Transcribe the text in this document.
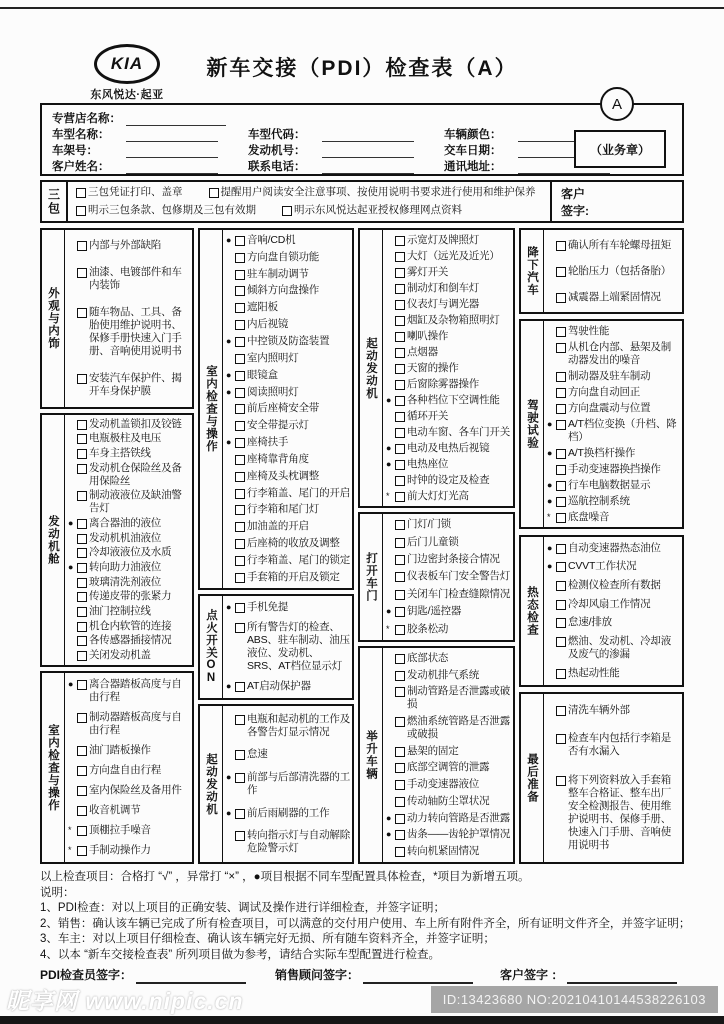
KIA
东风悦达·起亚
新车交接（PDI）检查表（A）
A
专营店名称：
车型名称：	车型代码：	车辆颜色：
车架号：	发动机号：	交车日期：
客户姓名：	联系电话：	通讯地址：
（业务章）
三包	三包凭证打印、盖章	提醒用户阅读安全注意事项、按使用说明书要求进行使用和维护保养
明示三包条款、包修期及三包有效期	明示东风悦达起亚授权修理网点资料
客户
签字:
外观与内饰
内部与外部缺陷
油漆、电镀部件和车内装饰
随车物品、工具、备胎使用维护说明书、保修手册快速入门手册、音响使用说明书
安装汽车保护件、揭开车身保护膜
发动机舱
发动机盖锁扣及铰链
电瓶极柱及电压
车身主搭铁线
发动机仓保险丝及备用保险丝
制动液液位及缺油警告灯
●	离合器油的液位
发动机机油液位
冷却液液位及水质
●	转向助力油液位
玻璃清洗剂液位
传递皮带的张紧力
油门控制拉线
机仓内软管的连接
各传感器插接情况
关闭发动机盖
室内检查与操作
●	离合器踏板高度与自由行程
制动器踏板高度与自由行程
油门踏板操作
方向盘自由行程
室内保险丝及备用件
收音机调节
*	顶棚拉手噪音
*	手制动操作力
室内检查与操作
●	音响/CD机
方向盘自锁功能
驻车制动调节
倾斜方向盘操作
遮阳板
内后视镜
●	中控锁及防盗装置
室内照明灯
●	眼镜盒
●	阅读照明灯
前后座椅安全带
安全带提示灯
●	座椅扶手
座椅靠背角度
座椅及头枕调整
行李箱盖、尾门的开启
行李箱和尾门灯
加油盖的开启
后座椅的收放及调整
行李箱盖、尾门的锁定
手套箱的开启及锁定
点火开关ON
●	手机免提
所有警告灯的检查、ABS、驻车制动、油压液位、发动机、SRS、AT档位显示灯
●	AT启动保护器
起动发动机
电瓶和起动机的工作及各警告灯显示情况
怠速
●	前部与后部清洗器的工作
●	前后雨刷器的工作
转向指示灯与自动解除危险警示灯
起动发动机
示宽灯及牌照灯
大灯（远光及近光）
雾灯开关
制动灯和倒车灯
仪表灯与调光器
烟缸及杂物箱照明灯
喇叭操作
点烟器
天窗的操作
后窗除雾器操作
●	各种档位下空调性能
循环开关
电动车窗、各车门开关
●	电动及电热后视镜
●	电热座位
时钟的设定及检查
*	前大灯灯光高
打开车门
门灯/门锁
后门儿童锁
门边密封条接合情况
仪表板车门安全警告灯
关闭车门检查缝隙情况
●	钥匙/遥控器
*	胶条松动
举升车辆
底部状态
发动机排气系统
制动管路是否泄露或破损
燃油系统管路是否泄露或破损
悬架的固定
底部空调管的泄露
手动变速器液位
传动轴防尘罩状况
●	动力转向管路是否泄露
●	齿条——齿轮护罩情况
转向机紧固情况
降下汽车
确认所有车轮螺母扭矩
轮胎压力（包括备胎）
减震器上端紧固情况
驾驶试验
驾驶性能
从机仓内部、悬架及制动器发出的噪音
制动器及驻车制动
方向盘自动回正
方向盘震动与位置
●	A/T档位变换（升档、降档）
●	A/T换档杆操作
手动变速器换挡操作
●	行车电脑数据显示
●	巡航控制系统
*	底盘噪音
热态检查
●	自动变速器热态油位
●	CVVT工作状况
检测仪检查所有数据
冷却风扇工作情况
怠速/排放
燃油、发动机、冷却液及废气的渗漏
热起动性能
最后准备
清洗车辆外部
检查车内包括行李箱是否有水漏入
将下列资料放入手套箱 整车合格证、整车出厂安全检测报告、使用维护说明书、保修手册、快速入门手册、音响使用说明书
以上检查项目：合格打 “√” ，异常打 “×” ，●项目根据不同车型配置具体检查，*项目为新增五项。
说明：
1、PDI检查：对以上项目的正确安装、调试及操作进行详细检查，并签字证明；
2、销售：确认该车辆已完成了所有检查项目，可以满意的交付用户使用、车上所有附件齐全，所有证明文件齐全，并签字证明；
3、车主：对以上项目仔细检查、确认该车辆完好无损、所有随车资料齐全，并签字证明；
4、以本 “新车交接检查表” 所列项目做为参考，请结合实际车型配置进行检查。
PDI检查员签字：	销售顾问签字：	客户签字 ：
昵享网 www.nipic.cn	ID:13423680 NO:20210410144538226103
